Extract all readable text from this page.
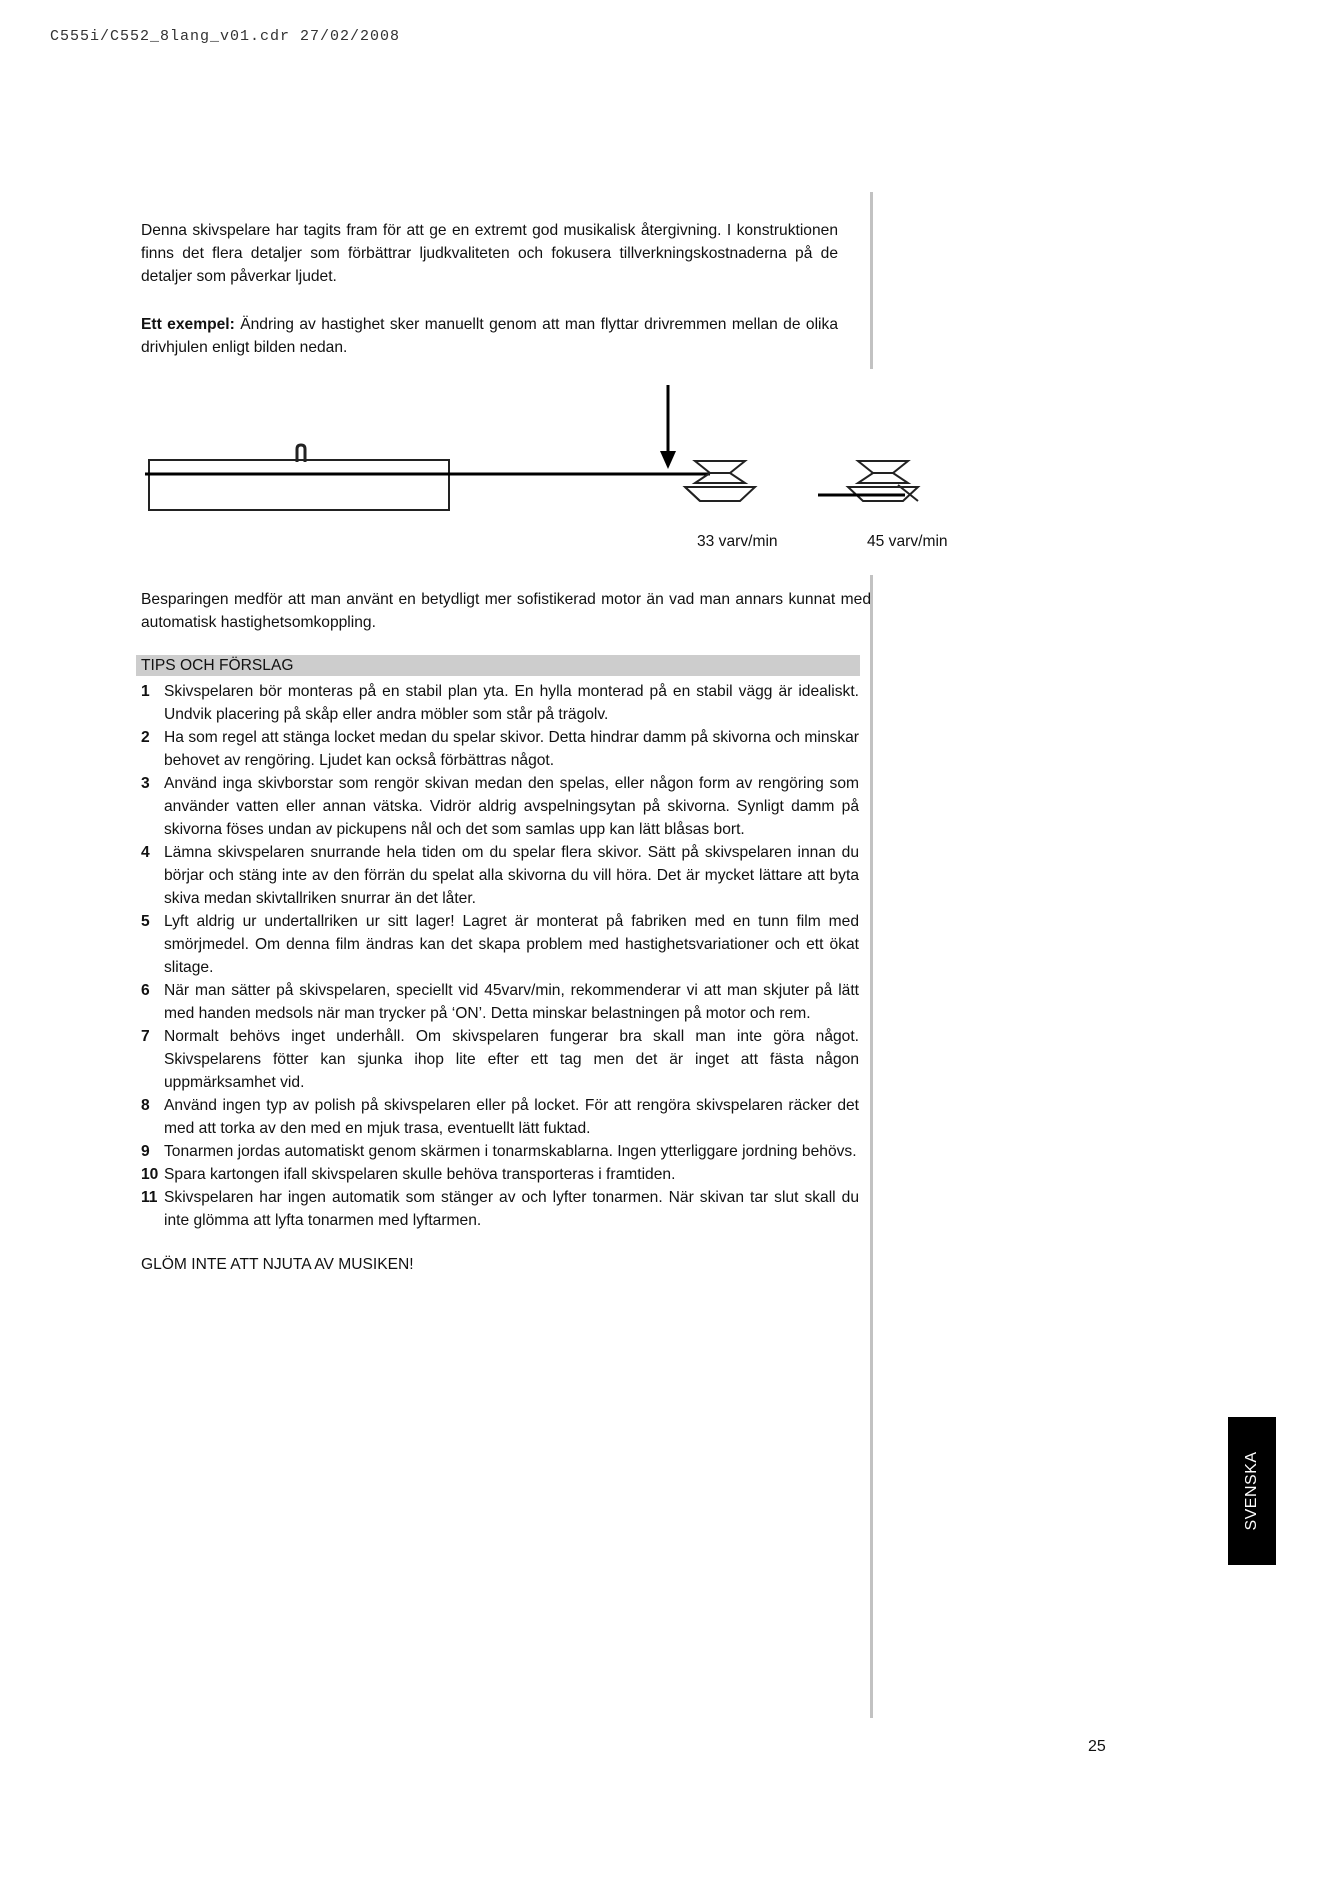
C555i/C552_8lang_v01.cdr 27/02/2008

Denna skivspelare har tagits fram för att ge en extremt god musikalisk återgivning. I konstruktionen finns det flera detaljer som förbättrar ljudkvaliteten och fokusera tillverkningskostnaderna på de detaljer som påverkar ljudet.

Ett exempel: Ändring av hastighet sker manuellt genom att man flyttar drivremmen mellan de olika drivhjulen enligt bilden nedan.

33 varv/min	45 varv/min

Besparingen medför att man använt en betydligt mer sofistikerad motor än vad man annars kunnat med automatisk hastighetsomkoppling.

TIPS OCH FÖRSLAG
1 Skivspelaren bör monteras på en stabil plan yta. En hylla monterad på en stabil vägg är idealiskt. Undvik placering på skåp eller andra möbler som står på trägolv.
2 Ha som regel att stänga locket medan du spelar skivor. Detta hindrar damm på skivorna och minskar behovet av rengöring. Ljudet kan också förbättras något.
3 Använd inga skivborstar som rengör skivan medan den spelas, eller någon form av rengöring som använder vatten eller annan vätska. Vidrör aldrig avspelningsytan på skivorna. Synligt damm på skivorna föses undan av pickupens nål och det som samlas upp kan lätt blåsas bort.
4 Lämna skivspelaren snurrande hela tiden om du spelar flera skivor. Sätt på skivspelaren innan du börjar och stäng inte av den förrän du spelat alla skivorna du vill höra. Det är mycket lättare att byta skiva medan skivtallriken snurrar än det låter.
5 Lyft aldrig ur undertallriken ur sitt lager! Lagret är monterat på fabriken med en tunn film med smörjmedel. Om denna film ändras kan det skapa problem med hastighetsvariationer och ett ökat slitage.
6 När man sätter på skivspelaren, speciellt vid 45varv/min, rekommenderar vi att man skjuter på lätt med handen medsols när man trycker på ‘ON’. Detta minskar belastningen på motor och rem.
7 Normalt behövs inget underhåll. Om skivspelaren fungerar bra skall man inte göra något. Skivspelarens fötter kan sjunka ihop lite efter ett tag men det är inget att fästa någon uppmärksamhet vid.
8 Använd ingen typ av polish på skivspelaren eller på locket. För att rengöra skivspelaren räcker det med att torka av den med en mjuk trasa, eventuellt lätt fuktad.
9 Tonarmen jordas automatiskt genom skärmen i tonarmskablarna. Ingen ytterliggare jordning behövs.
10 Spara kartongen ifall skivspelaren skulle behöva transporteras i framtiden.
11 Skivspelaren har ingen automatik som stänger av och lyfter tonarmen. När skivan tar slut skall du inte glömma att lyfta tonarmen med lyftarmen.

GLÖM INTE ATT NJUTA AV MUSIKEN!

SVENSKA
25
